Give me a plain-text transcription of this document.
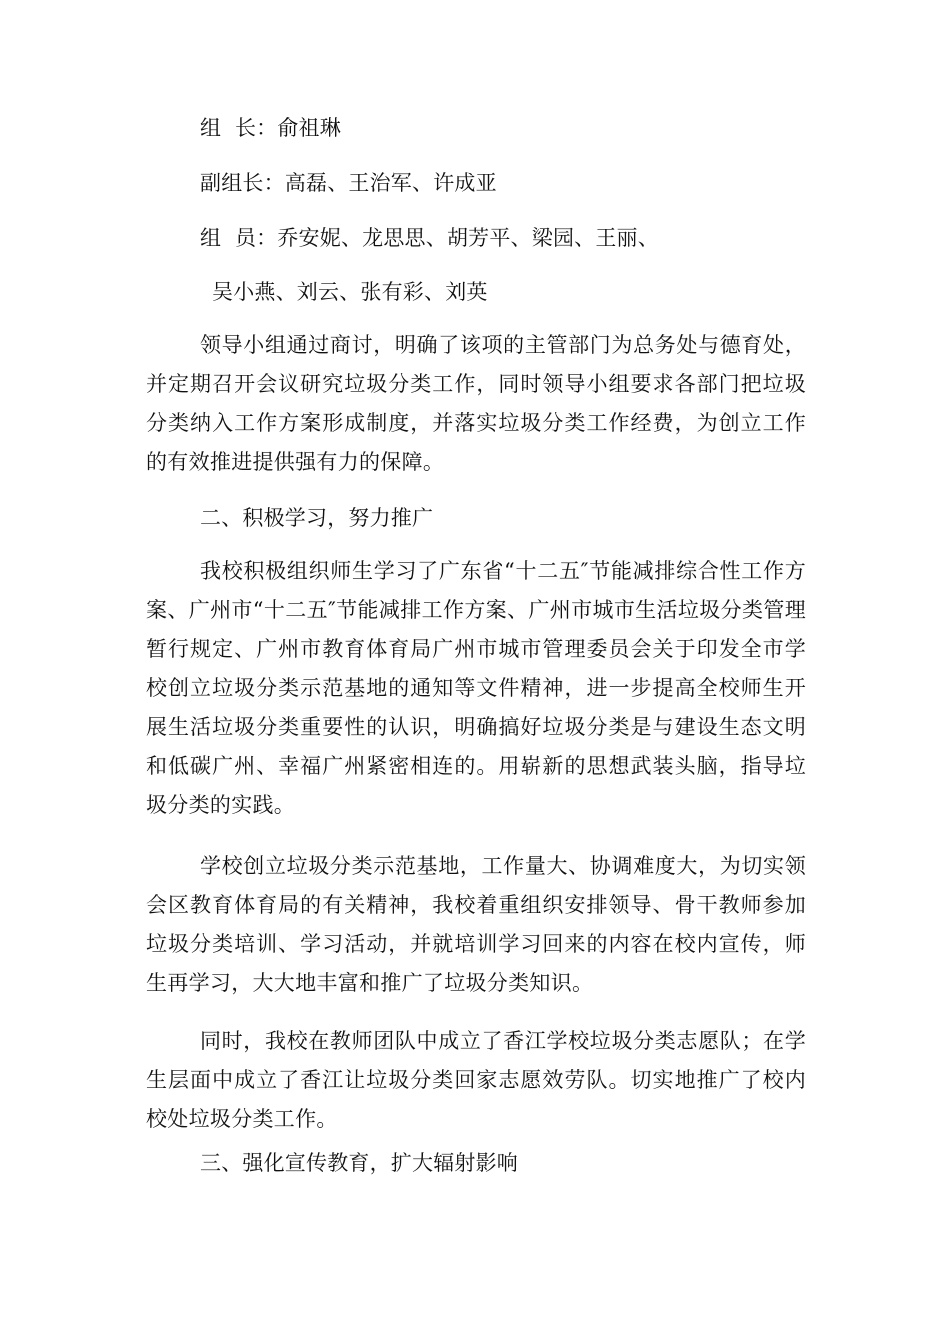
组  长：俞祖琳
副组长：高磊、王治军、许成亚
组  员：乔安妮、龙思思、胡芳平、梁园、王丽、
吴小燕、刘云、张有彩、刘英
领导小组通过商讨，明确了该项的主管部门为总务处与德育处，并定期召开会议研究垃圾分类工作，同时领导小组要求各部门把垃圾分类纳入工作方案形成制度，并落实垃圾分类工作经费，为创立工作的有效推进提供强有力的保障。
二、积极学习，努力推广
我校积极组织师生学习了广东省“十二五″节能减排综合性工作方案、广州市“十二五″节能减排工作方案、广州市城市生活垃圾分类管理暂行规定、广州市教育体育局广州市城市管理委员会关于印发全市学校创立垃圾分类示范基地的通知等文件精神，进一步提高全校师生开展生活垃圾分类重要性的认识，明确搞好垃圾分类是与建设生态文明和低碳广州、幸福广州紧密相连的。用崭新的思想武装头脑，指导垃圾分类的实践。
学校创立垃圾分类示范基地，工作量大、协调难度大，为切实领会区教育体育局的有关精神，我校着重组织安排领导、骨干教师参加垃圾分类培训、学习活动，并就培训学习回来的内容在校内宣传，师生再学习，大大地丰富和推广了垃圾分类知识。
同时，我校在教师团队中成立了香江学校垃圾分类志愿队；在学生层面中成立了香江让垃圾分类回家志愿效劳队。切实地推广了校内校处垃圾分类工作。
三、强化宣传教育，扩大辐射影响
